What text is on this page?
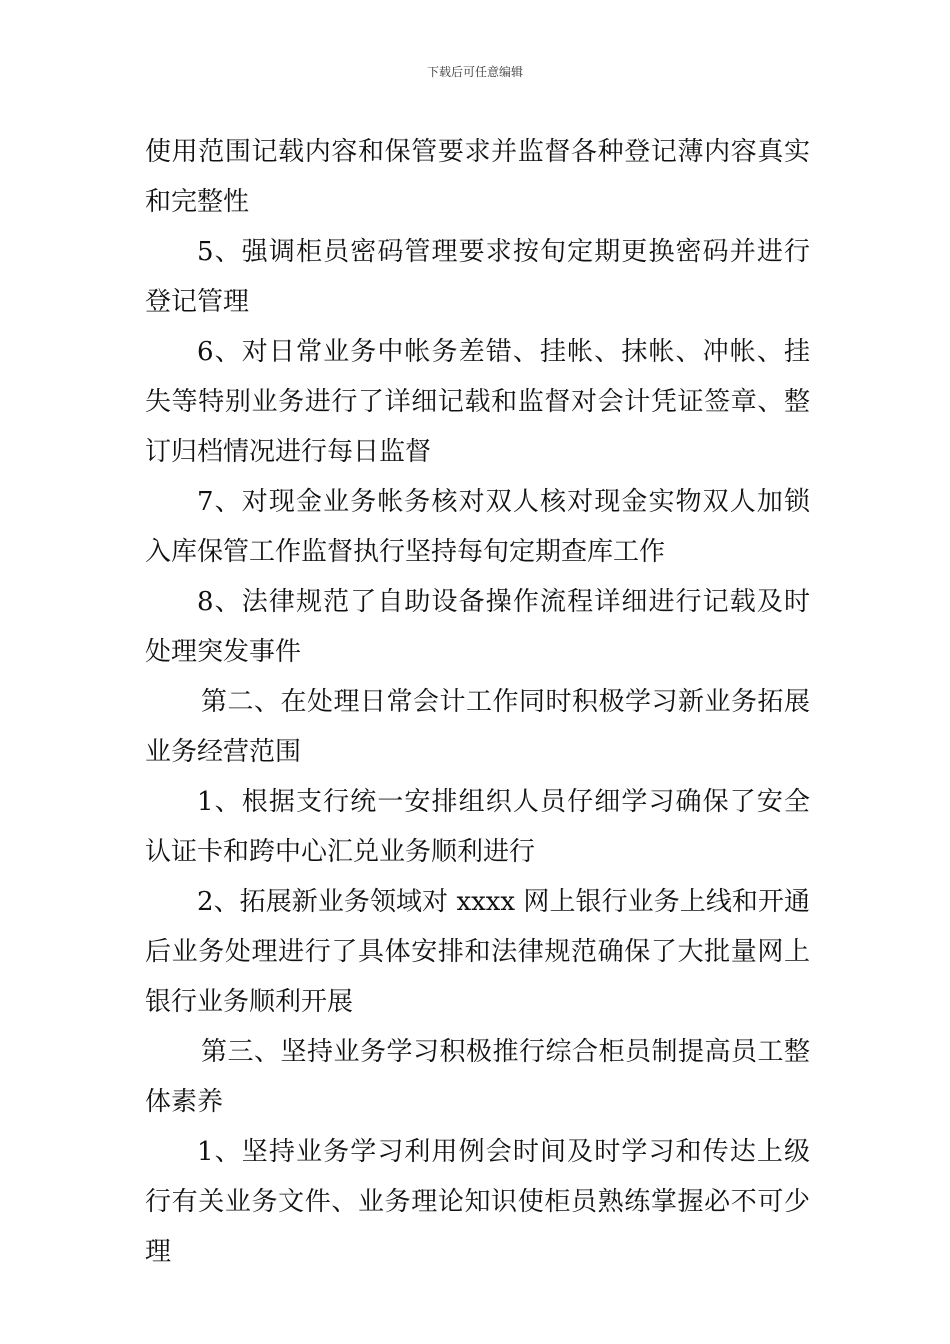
下载后可任意编辑

使用范围记载内容和保管要求并监督各种登记薄内容真实和完整性

5、强调柜员密码管理要求按旬定期更换密码并进行登记管理

6、对日常业务中帐务差错、挂帐、抹帐、冲帐、挂失等特别业务进行了详细记载和监督对会计凭证签章、整订归档情况进行每日监督

7、对现金业务帐务核对双人核对现金实物双人加锁入库保管工作监督执行坚持每旬定期查库工作

8、法律规范了自助设备操作流程详细进行记载及时处理突发事件

第二、在处理日常会计工作同时积极学习新业务拓展业务经营范围

1、根据支行统一安排组织人员仔细学习确保了安全认证卡和跨中心汇兑业务顺利进行

2、拓展新业务领域对 xxxx 网上银行业务上线和开通后业务处理进行了具体安排和法律规范确保了大批量网上银行业务顺利开展

第三、坚持业务学习积极推行综合柜员制提高员工整体素养

1、坚持业务学习利用例会时间及时学习和传达上级行有关业务文件、业务理论知识使柜员熟练掌握必不可少理
